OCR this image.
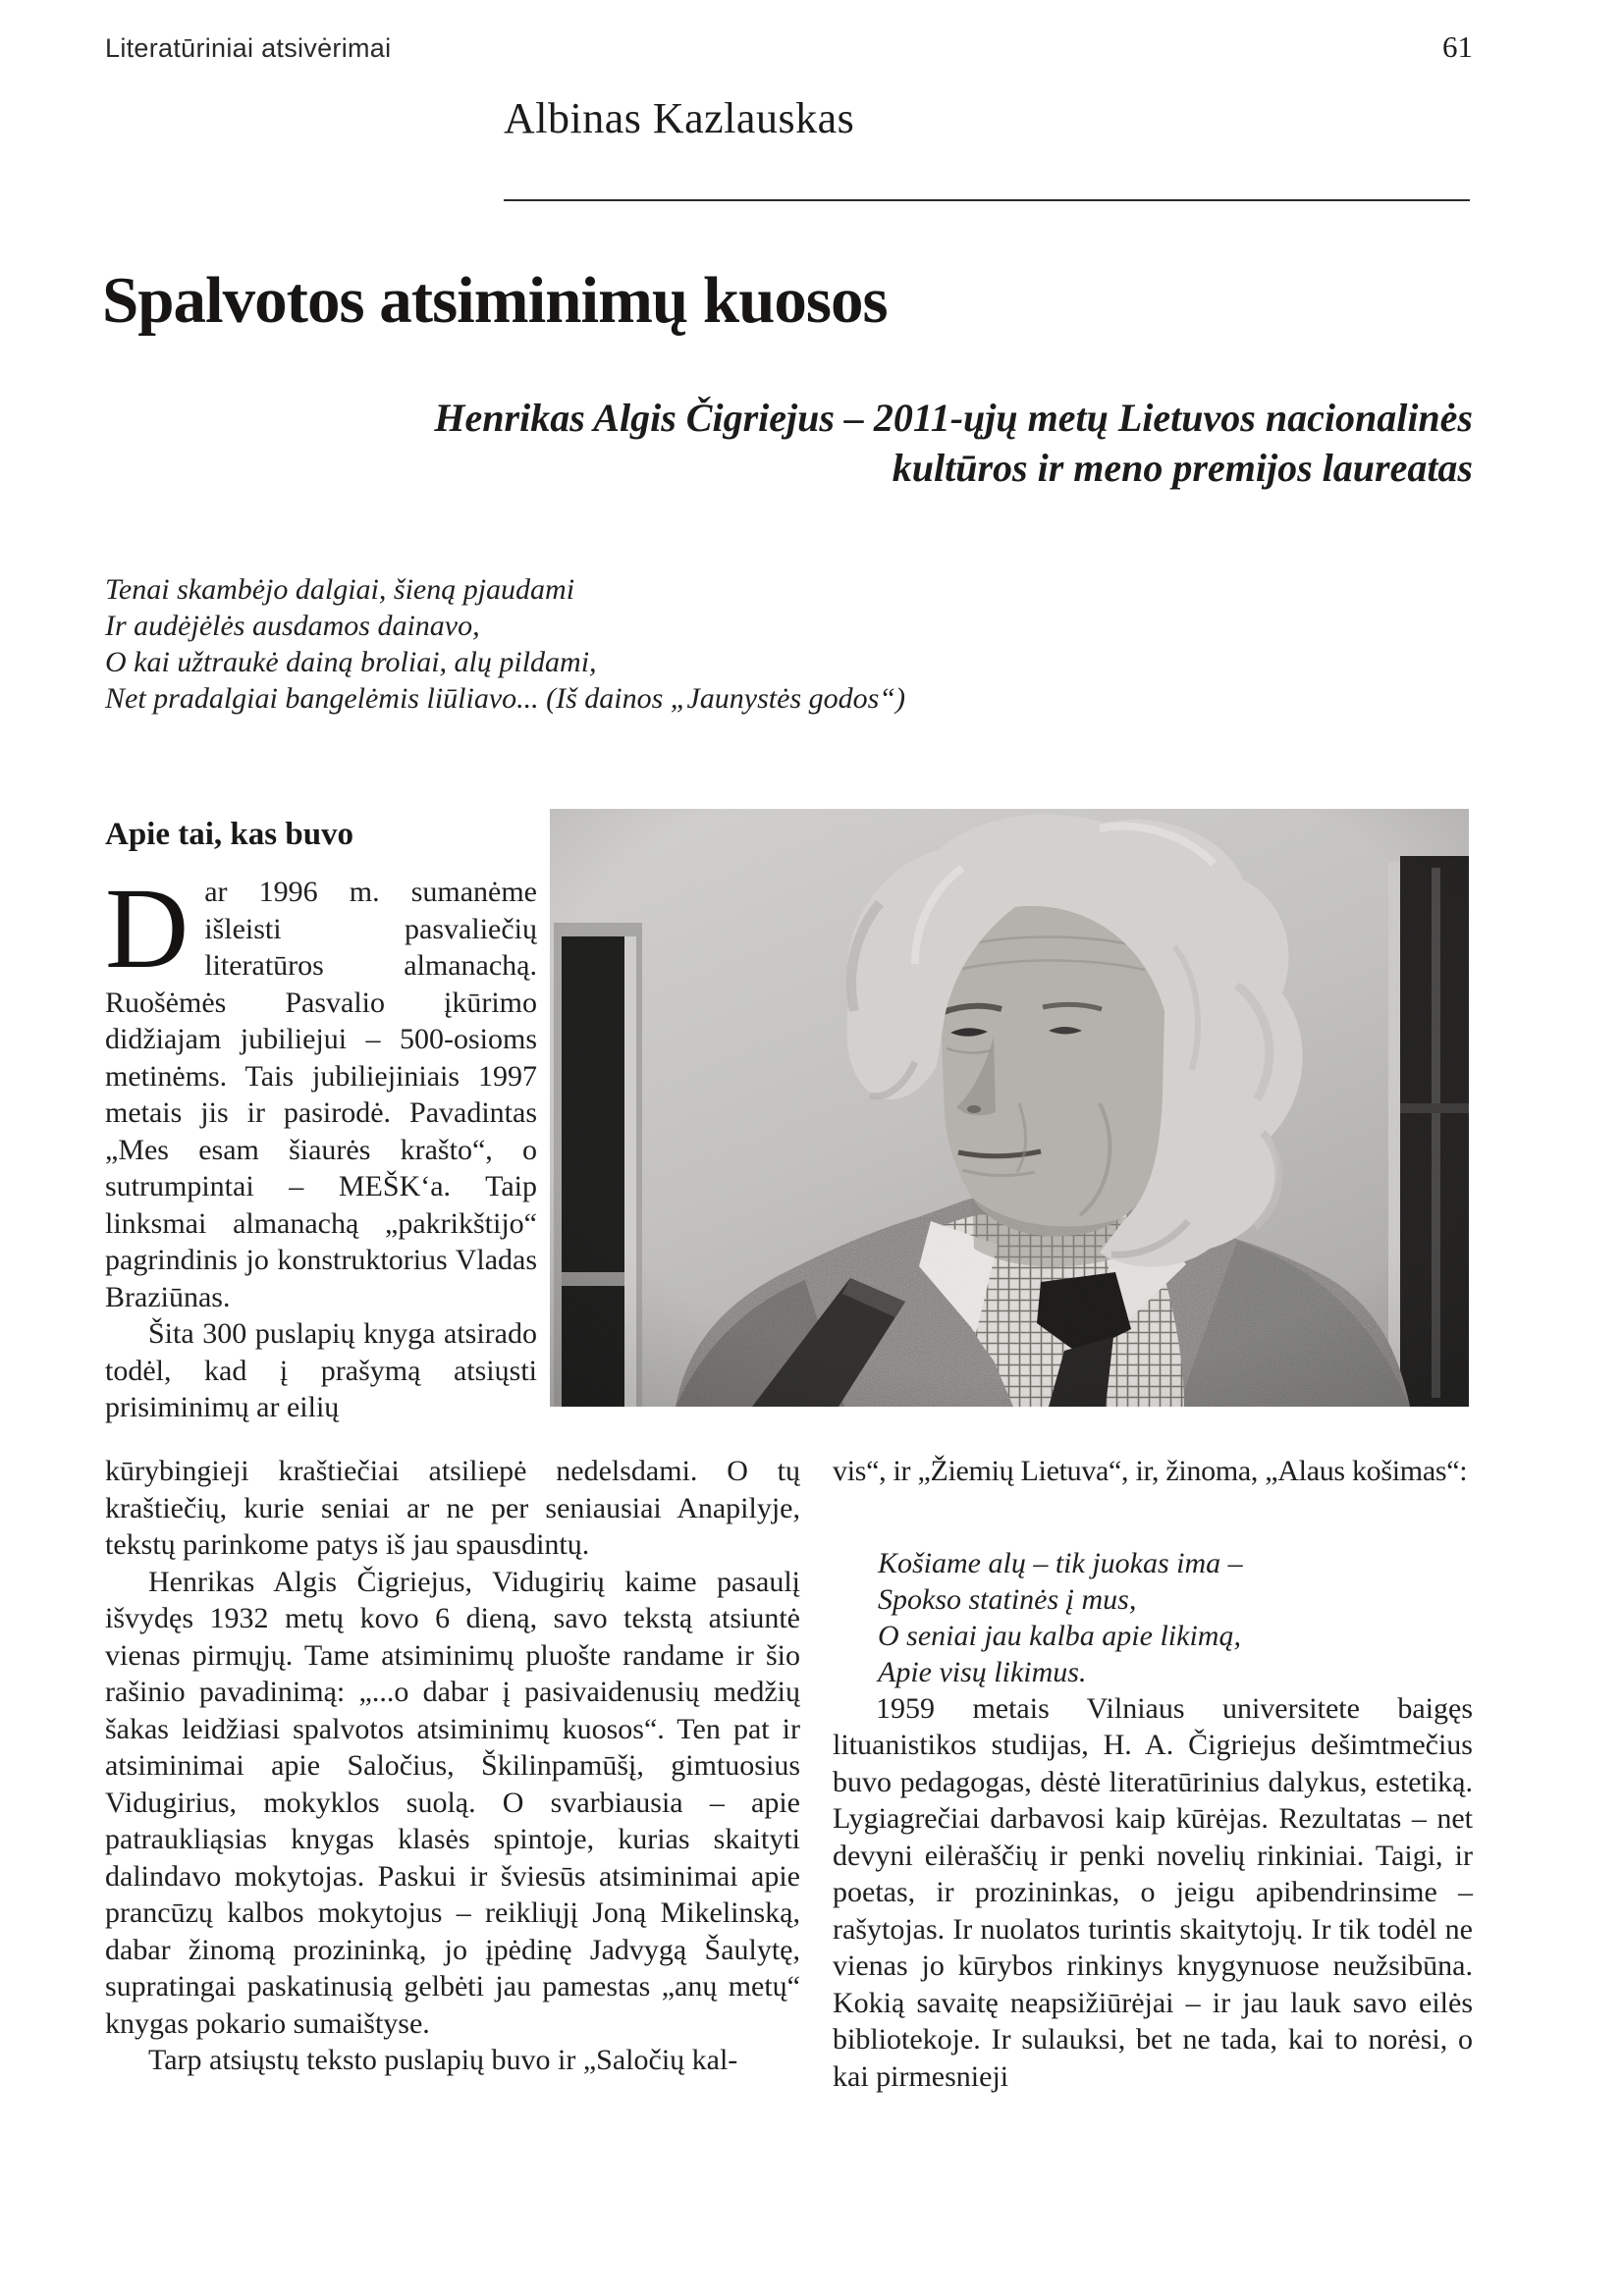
Literatūriniai atsivėrimai	61
Albinas Kazlauskas
Spalvotos atsiminimų kuosos
Henrikas Algis Čigriejus – 2011-ųjų metų Lietuvos nacionalinės
kultūros ir meno premijos laureatas
Tenai skambėjo dalgiai, šieną pjaudami
Ir audėjėlės ausdamos dainavo,
O kai užtraukė dainą broliai, alų pildami,
Net pradalgiai bangelėmis liūliavo... (Iš dainos „Jaunystės godos“)
Apie tai, kas buvo

Dar 1996 m. sumanėme išleisti pasvaliečių literatūros almanachą. Ruošėmės Pasvalio įkūrimo didžiajam jubiliejui – 500-osioms metinėms. Tais jubiliejiniais 1997 metais jis ir pasirodė. Pavadintas „Mes esam šiaurės krašto“, o sutrumpintai – MEŠK‘a. Taip linksmai almanachą „pakrikštijo“ pagrindinis jo konstruktorius Vladas Braziūnas.

Šita 300 puslapių knyga atsirado todėl, kad į prašymą atsiųsti prisiminimų ar eilių

kūrybingieji kraštiečiai atsiliepė nedelsdami. O tų kraštiečių, kurie seniai ar ne per seniausiai Anapilyje, tekstų parinkome patys iš jau spausdintų.

Henrikas Algis Čigriejus, Vidugirių kaime pasaulį išvydęs 1932 metų kovo 6 dieną, savo tekstą atsiuntė vienas pirmųjų. Tame atsiminimų pluošte randame ir šio rašinio pavadinimą: „...o dabar į pasivaidenusių medžių šakas leidžiasi spalvotos atsiminimų kuosos“. Ten pat ir atsiminimai apie Saločius, Škilinpamūšį, gimtuosius Vidugirius, mokyklos suolą. O svarbiausia – apie patraukliąsias knygas klasės spintoje, kurias skaityti dalindavo mokytojas. Paskui ir šviesūs atsiminimai apie prancūzų kalbos mokytojus – reikliųjį Joną Mikelinską, dabar žinomą prozininką, jo įpėdinę Jadvygą Šaulytę, supratingai paskatinusią gelbėti jau pamestas „anų metų“ knygas pokario sumaištyse.

Tarp atsiųstų teksto puslapių buvo ir „Saločių kal-

vis“, ir „Žiemių Lietuva“, ir, žinoma, „Alaus košimas“:

Košiame alų – tik juokas ima –
Spokso statinės į mus,
O seniai jau kalba apie likimą,
Apie visų likimus.

1959 metais Vilniaus universitete baigęs lituanistikos studijas, H. A. Čigriejus dešimtmečius buvo pedagogas, dėstė literatūrinius dalykus, estetiką. Lygiagrečiai darbavosi kaip kūrėjas. Rezultatas – net devyni eilėraščių ir penki novelių rinkiniai. Taigi, ir poetas, ir prozininkas, o jeigu apibendrinsime – rašytojas. Ir nuolatos turintis skaitytojų. Ir tik todėl ne vienas jo kūrybos rinkinys knygynuose neužsibūna. Kokią savaitę neapsižiūrėjai – ir jau lauk savo eilės bibliotekoje. Ir sulauksi, bet ne tada, kai to norėsi, o kai pirmesnieji
